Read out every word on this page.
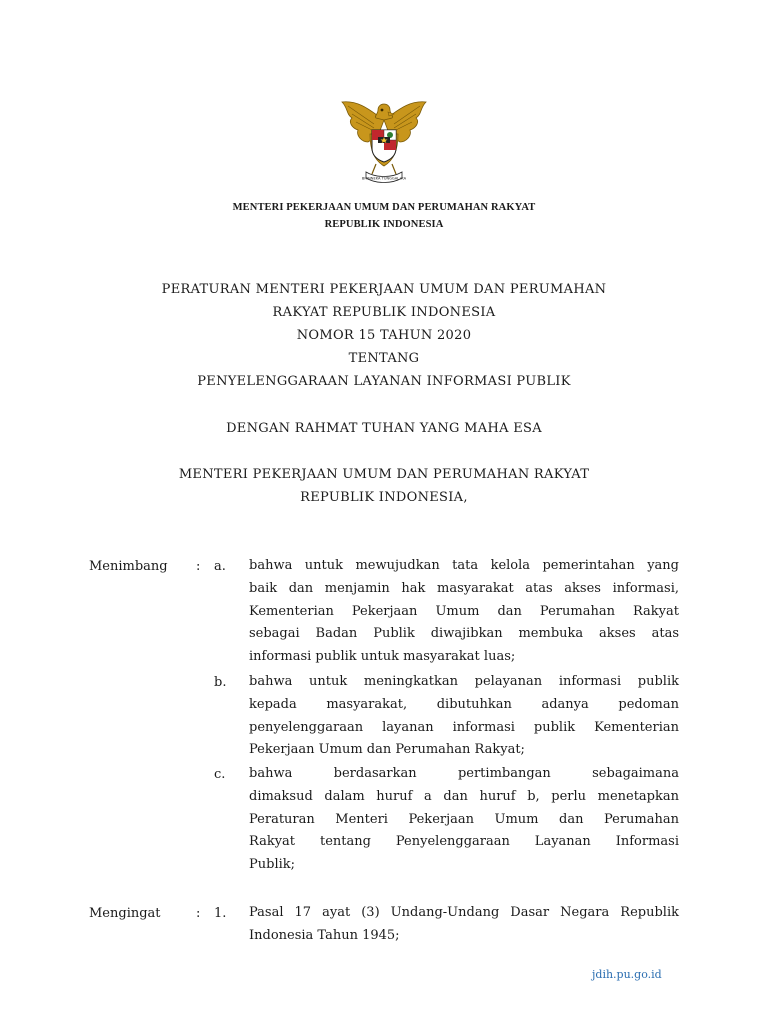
BHINNEKA TUNGGAL IKA
MENTERI PEKERJAAN UMUM DAN PERUMAHAN RAKYAT
REPUBLIK INDONESIA
PERATURAN MENTERI PEKERJAAN UMUM DAN PERUMAHAN
RAKYAT REPUBLIK INDONESIA
NOMOR 15 TAHUN 2020
TENTANG
PENYELENGGARAAN LAYANAN INFORMASI PUBLIK
DENGAN RAHMAT TUHAN YANG MAHA ESA
MENTERI PEKERJAAN UMUM DAN PERUMAHAN RAKYAT
REPUBLIK INDONESIA,
Menimbang : a. bahwa untuk mewujudkan tata kelola pemerintahan yang
baik dan menjamin hak masyarakat atas akses informasi,
Kementerian Pekerjaan Umum dan Perumahan Rakyat
sebagai Badan Publik diwajibkan membuka akses atas
informasi publik untuk masyarakat luas;
b. bahwa untuk meningkatkan pelayanan informasi publik
kepada masyarakat, dibutuhkan adanya pedoman
penyelenggaraan layanan informasi publik Kementerian
Pekerjaan Umum dan Perumahan Rakyat;
c. bahwa berdasarkan pertimbangan sebagaimana
dimaksud dalam huruf a dan huruf b, perlu menetapkan
Peraturan Menteri Pekerjaan Umum dan Perumahan
Rakyat tentang Penyelenggaraan Layanan Informasi
Publik;
Mengingat	: 1. Pasal 17 ayat (3) Undang-Undang Dasar Negara Republik
Indonesia Tahun 1945;
jdih.pu.go.id
